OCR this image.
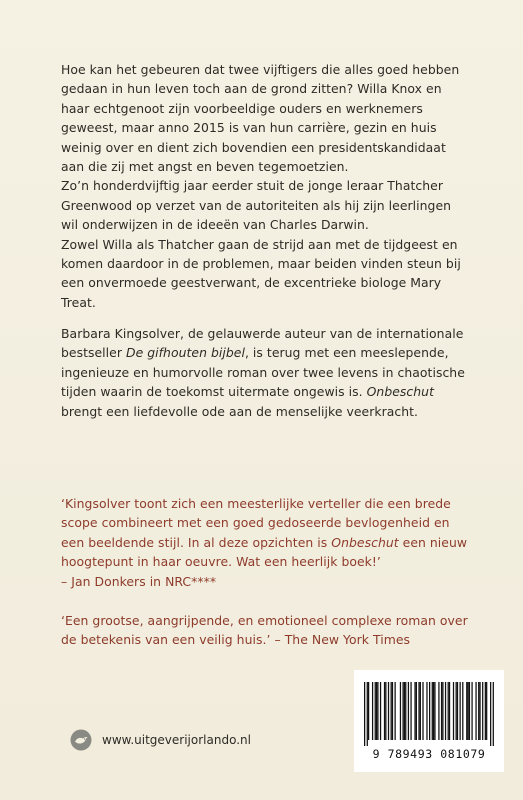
Hoe kan het gebeuren dat twee vijftigers die alles goed hebben gedaan in hun leven toch aan de grond zitten? Willa Knox en haar echtgenoot zijn voorbeeldige ouders en werknemers geweest, maar anno 2015 is van hun carrière, gezin en huis weinig over en dient zich bovendien een presidentskandidaat aan die zij met angst en beven tegemoetzien.

Zo’n honderdvijftig jaar eerder stuit de jonge leraar Thatcher Greenwood op verzet van de autoriteiten als hij zijn leerlingen wil onderwijzen in de ideeën van Charles Darwin.

Zowel Willa als Thatcher gaan de strijd aan met de tijdgeest en komen daardoor in de problemen, maar beiden vinden steun bij een onvermoede geestverwant, de excentrieke biologe Mary Treat.

Barbara Kingsolver, de gelauwerde auteur van de internationale bestseller De gifhouten bijbel, is terug met een meeslepende, ingenieuze en humorvolle roman over twee levens in chaotische tijden waarin de toekomst uitermate ongewis is. Onbeschut brengt een liefdevolle ode aan de menselijke veerkracht.

‘Kingsolver toont zich een meesterlijke verteller die een brede scope combineert met een goed gedoseerde bevlogenheid en een beeldende stijl. In al deze opzichten is Onbeschut een nieuw hoogtepunt in haar oeuvre. Wat een heerlijk boek!’

– Jan Donkers in NRC****

‘Een grootse, aangrijpende, en emotioneel complexe roman over de betekenis van een veilig huis.’ – The New York Times

www.uitgeverijorlando.nl
9 789493 081079
